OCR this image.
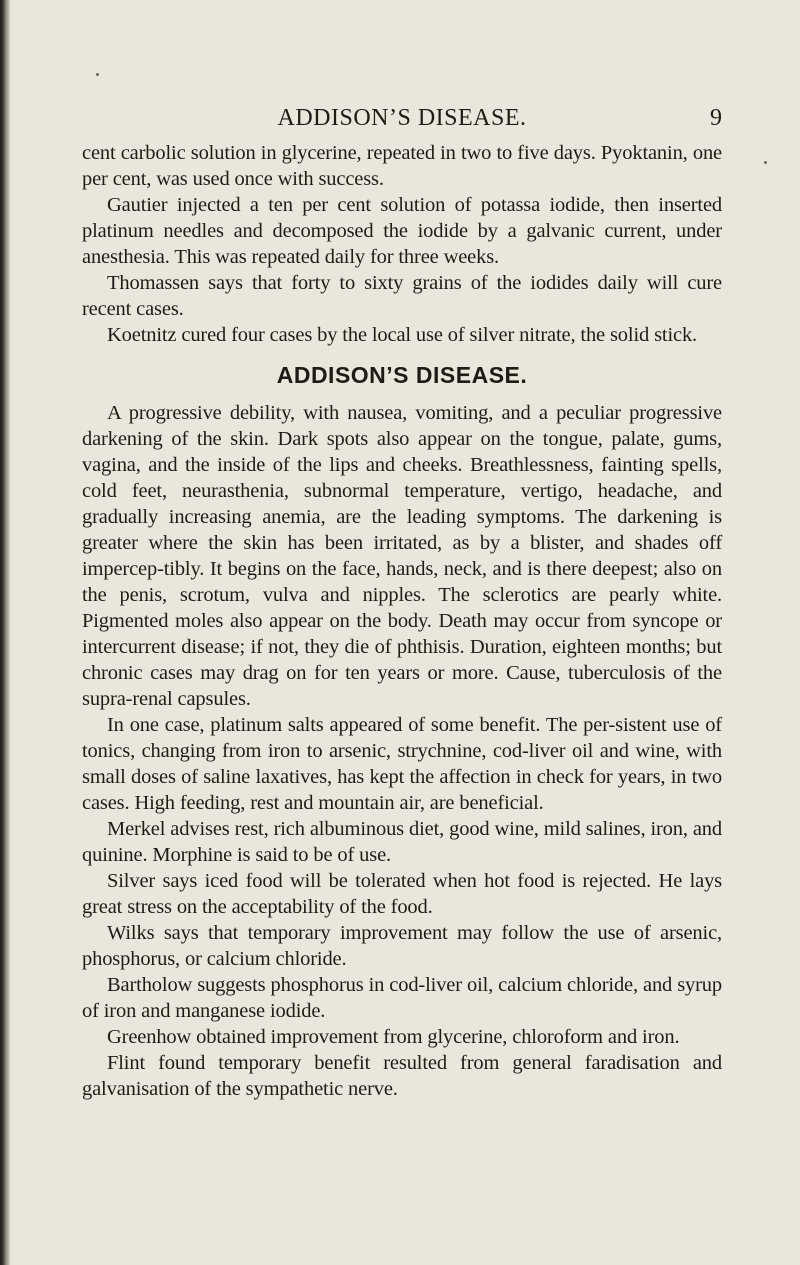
ADDISON’S DISEASE.	9

cent carbolic solution in glycerine, repeated in two to five days. Pyoktanin, one per cent, was used once with success.

Gautier injected a ten per cent solution of potassa iodide, then inserted platinum needles and decomposed the iodide by a galvanic current, under anesthesia. This was repeated daily for three weeks.

Thomassen says that forty to sixty grains of the iodides daily will cure recent cases.

Koetnitz cured four cases by the local use of silver nitrate, the solid stick.

ADDISON’S DISEASE.

A progressive debility, with nausea, vomiting, and a peculiar progressive darkening of the skin. Dark spots also appear on the tongue, palate, gums, vagina, and the inside of the lips and cheeks. Breathlessness, fainting spells, cold feet, neurasthenia, subnormal temperature, vertigo, headache, and gradually increasing anemia, are the leading symptoms. The darkening is greater where the skin has been irritated, as by a blister, and shades off impercep-tibly. It begins on the face, hands, neck, and is there deepest; also on the penis, scrotum, vulva and nipples. The sclerotics are pearly white. Pigmented moles also appear on the body. Death may occur from syncope or intercurrent disease; if not, they die of phthisis. Duration, eighteen months; but chronic cases may drag on for ten years or more. Cause, tuberculosis of the supra-renal capsules.

In one case, platinum salts appeared of some benefit. The per-sistent use of tonics, changing from iron to arsenic, strychnine, cod-liver oil and wine, with small doses of saline laxatives, has kept the affection in check for years, in two cases. High feeding, rest and mountain air, are beneficial.

Merkel advises rest, rich albuminous diet, good wine, mild salines, iron, and quinine. Morphine is said to be of use.

Silver says iced food will be tolerated when hot food is rejected. He lays great stress on the acceptability of the food.

Wilks says that temporary improvement may follow the use of arsenic, phosphorus, or calcium chloride.

Bartholow suggests phosphorus in cod-liver oil, calcium chloride, and syrup of iron and manganese iodide.

Greenhow obtained improvement from glycerine, chloroform and iron.

Flint found temporary benefit resulted from general faradisation and galvanisation of the sympathetic nerve.
